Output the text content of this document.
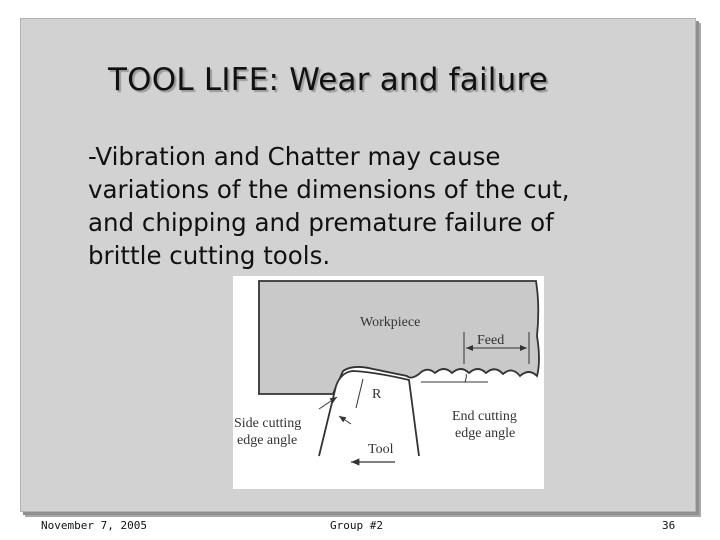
TOOL LIFE: Wear and failure
-Vibration and Chatter may cause
variations of the dimensions of the cut,
and chipping and premature failure of
brittle cutting tools.
Workpiece
Feed
R
Tool
Side cutting
edge angle
End cutting
edge angle
November 7, 2005	Group #2	36
